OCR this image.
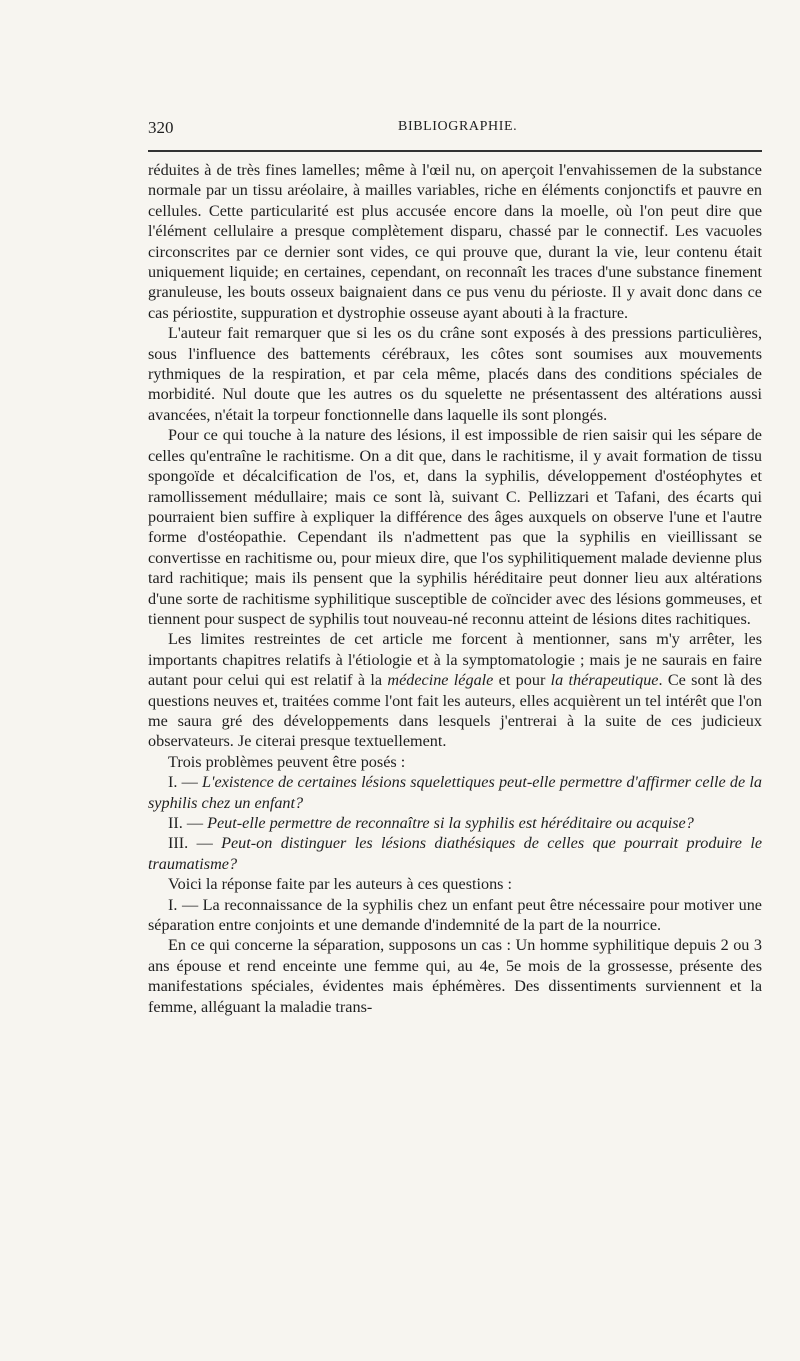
320	BIBLIOGRAPHIE.

réduites à de très fines lamelles; même à l'œil nu, on aperçoit l'envahissemen de la substance normale par un tissu aréolaire, à mailles variables, riche en éléments conjonctifs et pauvre en cellules. Cette particularité est plus accusée encore dans la moelle, où l'on peut dire que l'élément cellulaire a presque complètement disparu, chassé par le connectif. Les vacuoles circonscrites par ce dernier sont vides, ce qui prouve que, durant la vie, leur contenu était uniquement liquide; en certaines, cependant, on reconnaît les traces d'une substance finement granuleuse, les bouts osseux baignaient dans ce pus venu du périoste. Il y avait donc dans ce cas périostite, suppuration et dystrophie osseuse ayant abouti à la fracture.

L'auteur fait remarquer que si les os du crâne sont exposés à des pressions particulières, sous l'influence des battements cérébraux, les côtes sont soumises aux mouvements rythmiques de la respiration, et par cela même, placés dans des conditions spéciales de morbidité. Nul doute que les autres os du squelette ne présentassent des altérations aussi avancées, n'était la torpeur fonctionnelle dans laquelle ils sont plongés.

Pour ce qui touche à la nature des lésions, il est impossible de rien saisir qui les sépare de celles qu'entraîne le rachitisme. On a dit que, dans le rachitisme, il y avait formation de tissu spongoïde et décalcification de l'os, et, dans la syphilis, développement d'ostéophytes et ramollissement médullaire; mais ce sont là, suivant C. Pellizzari et Tafani, des écarts qui pourraient bien suffire à expliquer la différence des âges auxquels on observe l'une et l'autre forme d'ostéopathie. Cependant ils n'admettent pas que la syphilis en vieillissant se convertisse en rachitisme ou, pour mieux dire, que l'os syphilitiquement malade devienne plus tard rachitique; mais ils pensent que la syphilis héréditaire peut donner lieu aux altérations d'une sorte de rachitisme syphilitique susceptible de coïncider avec des lésions gommeuses, et tiennent pour suspect de syphilis tout nouveau-né reconnu atteint de lésions dites rachitiques.

Les limites restreintes de cet article me forcent à mentionner, sans m'y arrêter, les importants chapitres relatifs à l'étiologie et à la symptomatologie ; mais je ne saurais en faire autant pour celui qui est relatif à la médecine légale et pour la thérapeutique. Ce sont là des questions neuves et, traitées comme l'ont fait les auteurs, elles acquièrent un tel intérêt que l'on me saura gré des développements dans lesquels j'entrerai à la suite de ces judicieux observateurs. Je citerai presque textuellement.

Trois problèmes peuvent être posés :

I. — L'existence de certaines lésions squelettiques peut-elle permettre d'affirmer celle de la syphilis chez un enfant?

II. — Peut-elle permettre de reconnaître si la syphilis est héréditaire ou acquise?

III. — Peut-on distinguer les lésions diathésiques de celles que pourrait produire le traumatisme?

Voici la réponse faite par les auteurs à ces questions :

I. — La reconnaissance de la syphilis chez un enfant peut être nécessaire pour motiver une séparation entre conjoints et une demande d'indemnité de la part de la nourrice.

En ce qui concerne la séparation, supposons un cas : Un homme syphilitique depuis 2 ou 3 ans épouse et rend enceinte une femme qui, au 4e, 5e mois de la grossesse, présente des manifestations spéciales, évidentes mais éphémères. Des dissentiments surviennent et la femme, alléguant la maladie trans-
